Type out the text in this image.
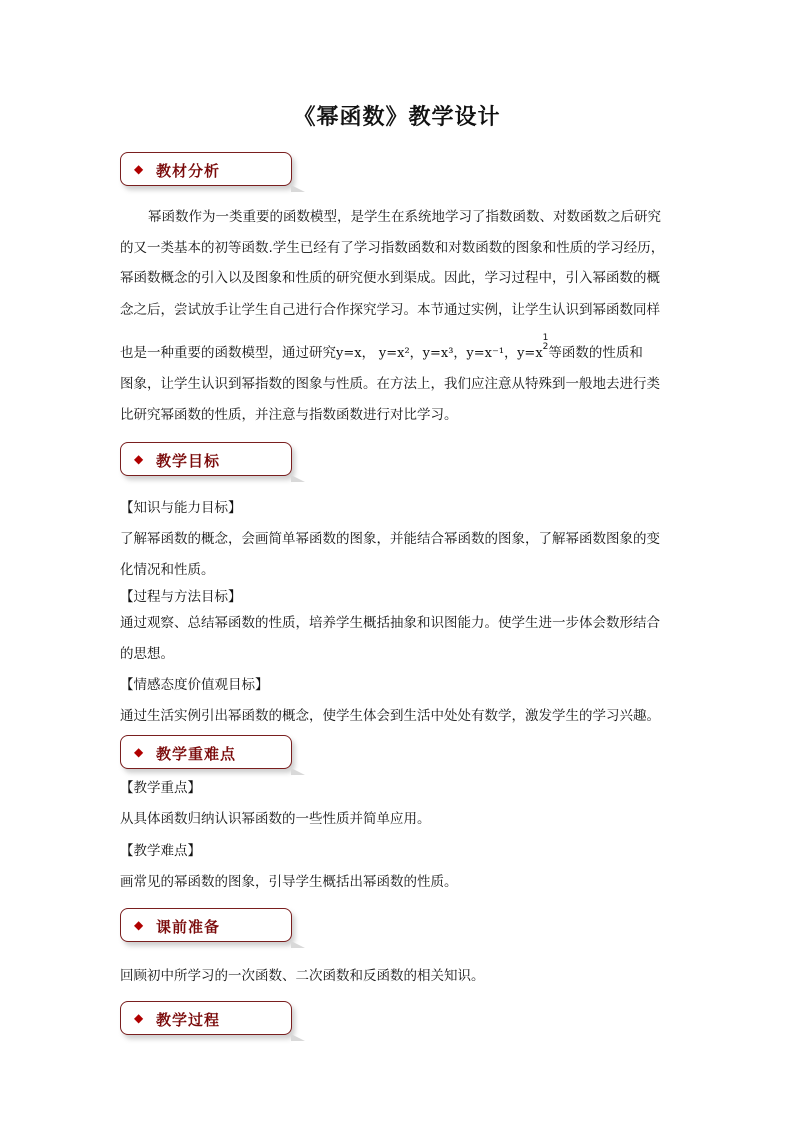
《幂函数》教学设计
◆ 教材分析
幂函数作为一类重要的函数模型，是学生在系统地学习了指数函数、对数函数之后研究
的又一类基本的初等函数.学生已经有了学习指数函数和对数函数的图象和性质的学习经历，
幂函数概念的引入以及图象和性质的研究便水到渠成。因此，学习过程中，引入幂函数的概
念之后，尝试放手让学生自己进行合作探究学习。本节通过实例，让学生认识到幂函数同样
也是一种重要的函数模型，通过研究y=x， y=x²，y=x³，y=x⁻¹，y=x
1
2 等函数的性质和
图象，让学生认识到幂指数的图象与性质。在方法上，我们应注意从特殊到一般地去进行类
比研究幂函数的性质，并注意与指数函数进行对比学习。
◆ 教学目标
【知识与能力目标】
了解幂函数的概念，会画简单幂函数的图象，并能结合幂函数的图象，了解幂函数图象的变
化情况和性质。
【过程与方法目标】
通过观察、总结幂函数的性质，培养学生概括抽象和识图能力。使学生进一步体会数形结合
的思想。
【情感态度价值观目标】
通过生活实例引出幂函数的概念，使学生体会到生活中处处有数学，激发学生的学习兴趣。
◆ 教学重难点
【教学重点】
从具体函数归纳认识幂函数的一些性质并简单应用。
【教学难点】
画常见的幂函数的图象，引导学生概括出幂函数的性质。
◆ 课前准备
回顾初中所学习的一次函数、二次函数和反函数的相关知识。
◆ 教学过程
